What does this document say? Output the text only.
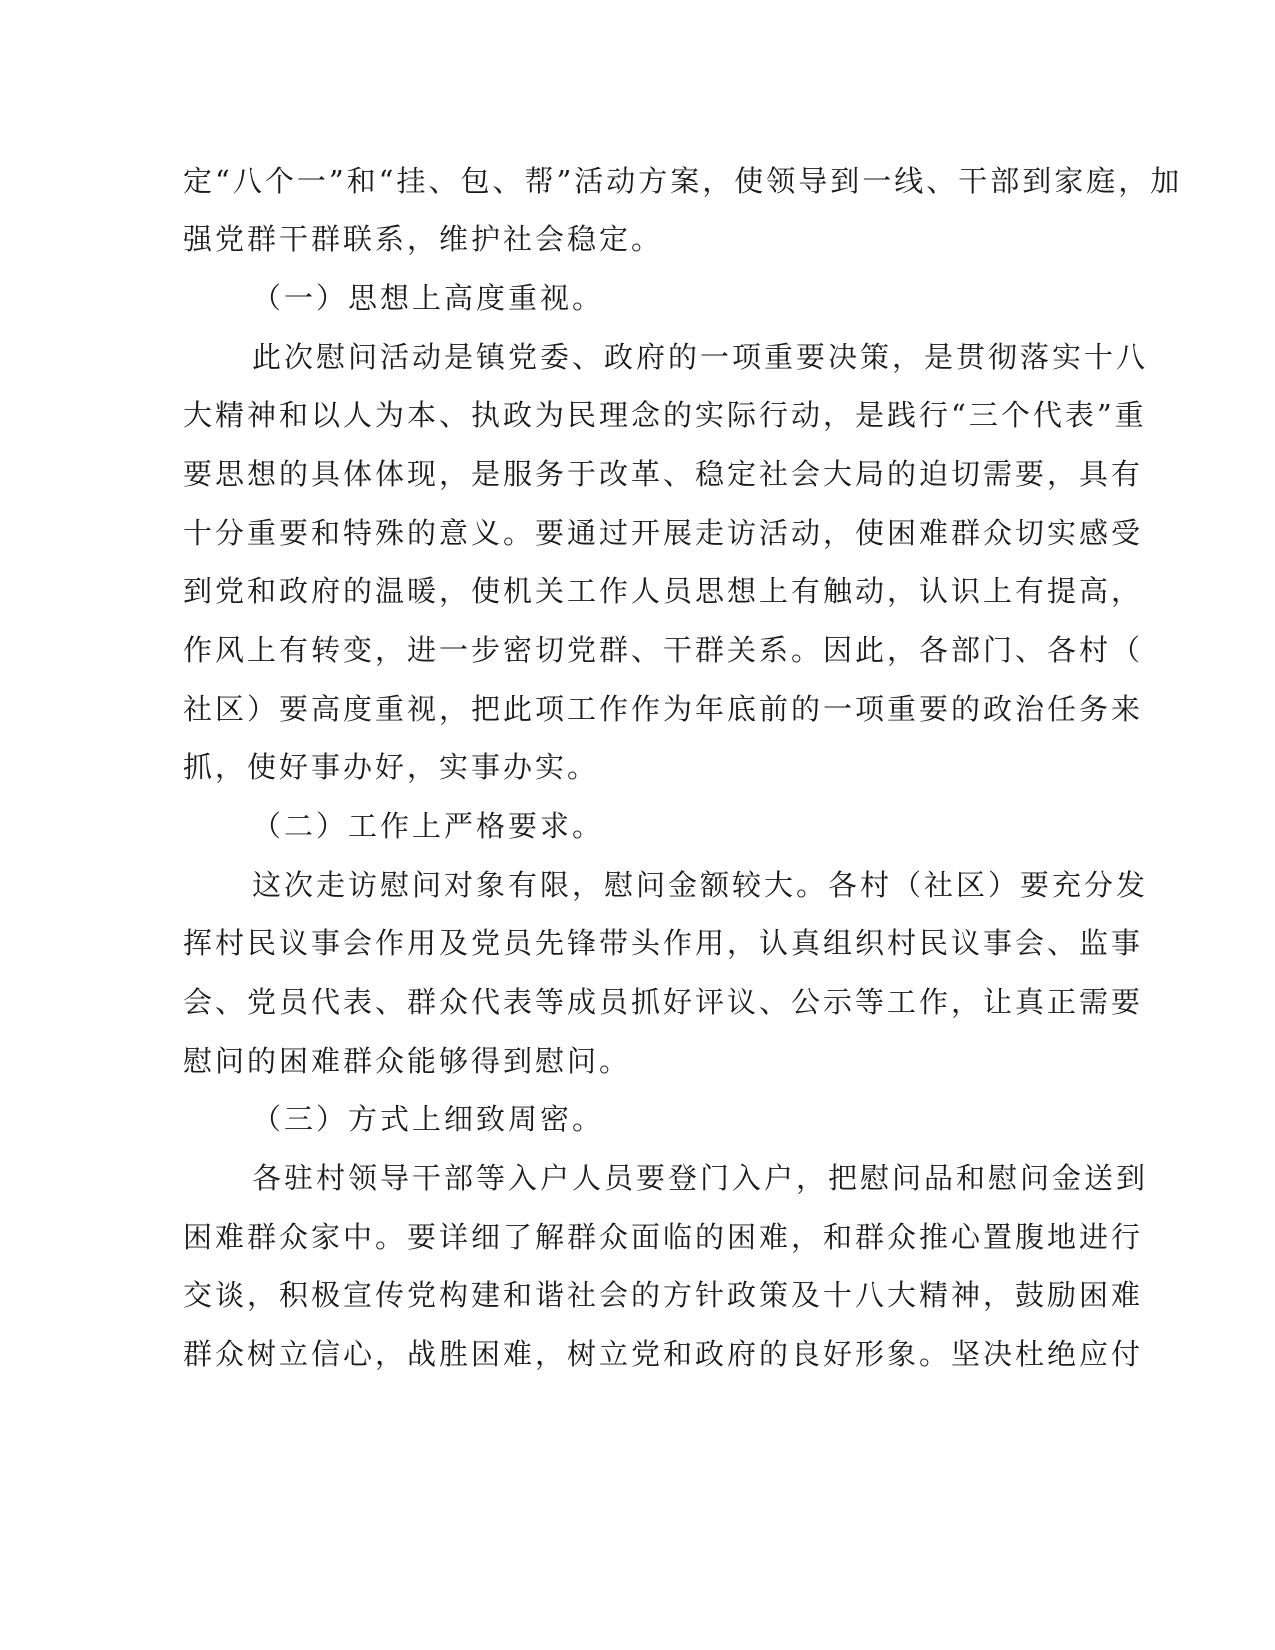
定“八个一”和“挂、包、帮”活动方案，使领导到一线、干部到家庭，加
强党群干群联系，维护社会稳定。
（一）思想上高度重视。
此次慰问活动是镇党委、政府的一项重要决策，是贯彻落实十八
大精神和以人为本、执政为民理念的实际行动，是践行“三个代表”重
要思想的具体体现，是服务于改革、稳定社会大局的迫切需要，具有
十分重要和特殊的意义。要通过开展走访活动，使困难群众切实感受
到党和政府的温暖，使机关工作人员思想上有触动，认识上有提高，
作风上有转变，进一步密切党群、干群关系。因此，各部门、各村（
社区）要高度重视，把此项工作作为年底前的一项重要的政治任务来
抓，使好事办好，实事办实。
（二）工作上严格要求。
这次走访慰问对象有限，慰问金额较大。各村（社区）要充分发
挥村民议事会作用及党员先锋带头作用，认真组织村民议事会、监事
会、党员代表、群众代表等成员抓好评议、公示等工作，让真正需要
慰问的困难群众能够得到慰问。
（三）方式上细致周密。
各驻村领导干部等入户人员要登门入户，把慰问品和慰问金送到
困难群众家中。要详细了解群众面临的困难，和群众推心置腹地进行
交谈，积极宣传党构建和谐社会的方针政策及十八大精神，鼓励困难
群众树立信心，战胜困难，树立党和政府的良好形象。坚决杜绝应付
